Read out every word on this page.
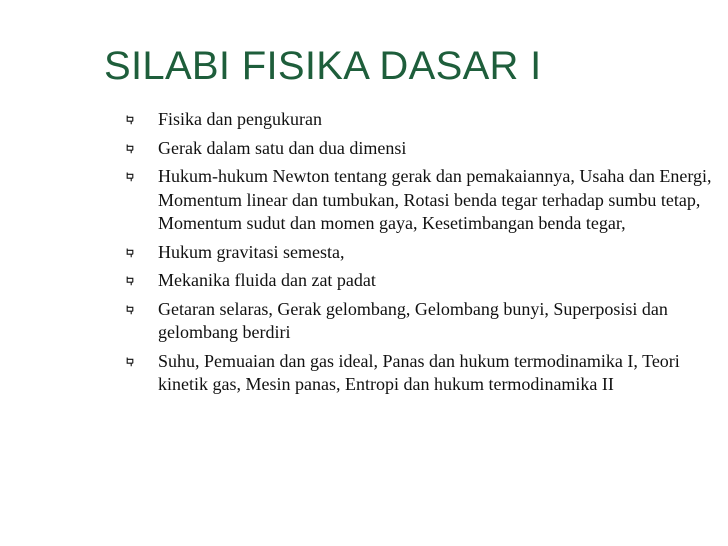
SILABI FISIKA DASAR I
Fisika dan pengukuran
Gerak dalam satu dan dua dimensi
Hukum-hukum Newton tentang gerak dan pemakaiannya, Usaha dan Energi, Momentum linear dan tumbukan, Rotasi benda tegar terhadap sumbu tetap, Momentum sudut dan momen gaya, Kesetimbangan benda tegar,
Hukum gravitasi semesta,
Mekanika fluida dan zat padat
Getaran selaras, Gerak gelombang, Gelombang bunyi, Superposisi dan gelombang berdiri
Suhu, Pemuaian dan gas ideal, Panas dan hukum termodinamika I, Teori kinetik gas, Mesin panas, Entropi dan hukum termodinamika II
